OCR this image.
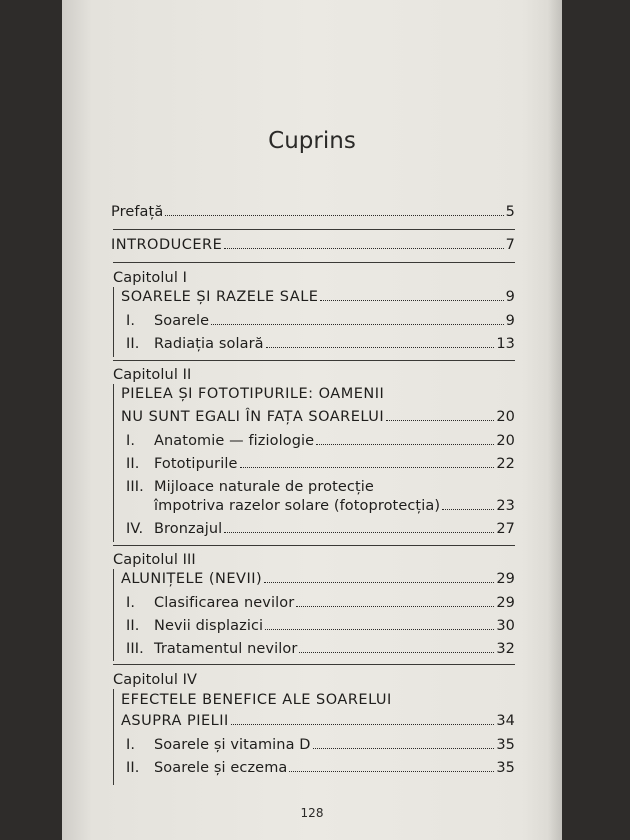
Cuprins
Prefață	5
INTRODUCERE	7
Capitolul I
SOARELE ȘI RAZELE SALE	9
I.	Soarele	9
II.	Radiația solară	13
Capitolul II
PIELEA ȘI FOTOTIPURILE: OAMENII
NU SUNT EGALI ÎN FAȚA SOARELUI	20
I.	Anatomie — fiziologie	20
II.	Fototipurile	22
III. Mijloace naturale de protecție
împotriva razelor solare (fotoprotecția)	23
IV. Bronzajul	27
Capitolul III
ALUNIȚELE (NEVII)	29
I.	Clasificarea nevilor	29
II.	Nevii displazici	30
III. Tratamentul nevilor	32
Capitolul IV
EFECTELE BENEFICE ALE SOARELUI
ASUPRA PIELII	34
I.	Soarele și vitamina D	35
II.	Soarele și eczema	35
128
